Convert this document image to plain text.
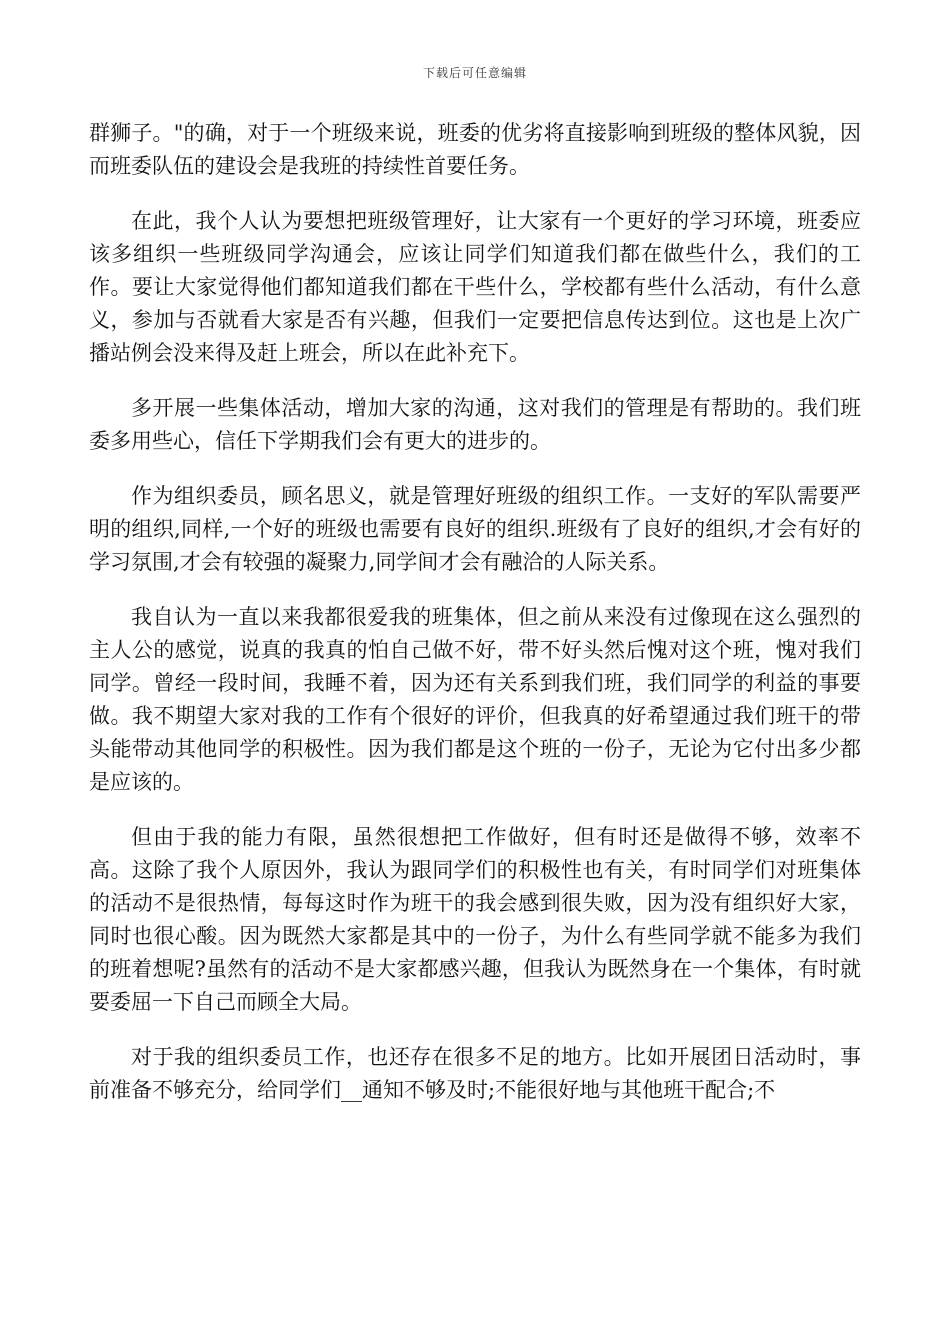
下载后可任意编辑

群狮子。"的确，对于一个班级来说，班委的优劣将直接影响到班级的整体风貌，因而班委队伍的建设会是我班的持续性首要任务。

在此，我个人认为要想把班级管理好，让大家有一个更好的学习环境，班委应该多组织一些班级同学沟通会，应该让同学们知道我们都在做些什么，我们的工作。要让大家觉得他们都知道我们都在干些什么，学校都有些什么活动，有什么意义，参加与否就看大家是否有兴趣，但我们一定要把信息传达到位。这也是上次广播站例会没来得及赶上班会，所以在此补充下。

多开展一些集体活动，增加大家的沟通，这对我们的管理是有帮助的。我们班委多用些心，信任下学期我们会有更大的进步的。

作为组织委员，顾名思义，就是管理好班级的组织工作。一支好的军队需要严明的组织,同样,一个好的班级也需要有良好的组织.班级有了良好的组织,才会有好的学习氛围,才会有较强的凝聚力,同学间才会有融洽的人际关系。

我自认为一直以来我都很爱我的班集体，但之前从来没有过像现在这么强烈的主人公的感觉，说真的我真的怕自己做不好，带不好头然后愧对这个班，愧对我们同学。曾经一段时间，我睡不着，因为还有关系到我们班，我们同学的利益的事要做。我不期望大家对我的工作有个很好的评价，但我真的好希望通过我们班干的带头能带动其他同学的积极性。因为我们都是这个班的一份子，无论为它付出多少都是应该的。

但由于我的能力有限，虽然很想把工作做好，但有时还是做得不够，效率不高。这除了我个人原因外，我认为跟同学们的积极性也有关，有时同学们对班集体的活动不是很热情，每每这时作为班干的我会感到很失败，因为没有组织好大家，同时也很心酸。因为既然大家都是其中的一份子，为什么有些同学就不能多为我们的班着想呢?虽然有的活动不是大家都感兴趣，但我认为既然身在一个集体，有时就要委屈一下自己而顾全大局。

对于我的组织委员工作，也还存在很多不足的地方。比如开展团日活动时，事前准备不够充分，给同学们__通知不够及时;不能很好地与其他班干配合;不
